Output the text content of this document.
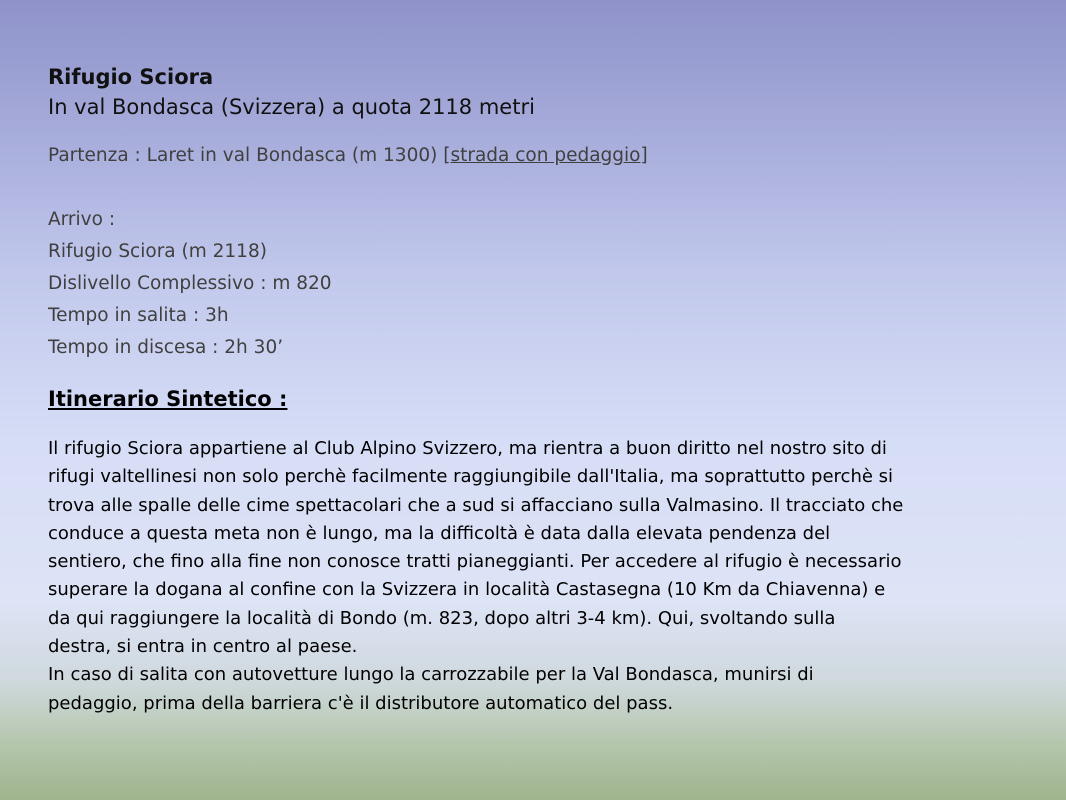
Rifugio Sciora
In val Bondasca (Svizzera) a quota 2118 metri
Partenza : Laret in val Bondasca (m 1300) [strada con pedaggio]
Arrivo :
Rifugio Sciora (m 2118)
Dislivello Complessivo : m 820
Tempo in salita : 3h
Tempo in discesa : 2h 30’
Itinerario Sintetico :
Il rifugio Sciora appartiene al Club Alpino Svizzero, ma rientra a buon diritto nel nostro sito di
rifugi valtellinesi non solo perchè facilmente raggiungibile dall'Italia, ma soprattutto perchè si
trova alle spalle delle cime spettacolari che a sud si affacciano sulla Valmasino. Il tracciato che
conduce a questa meta non è lungo, ma la difficoltà è data dalla elevata pendenza del
sentiero, che fino alla fine non conosce tratti pianeggianti. Per accedere al rifugio è necessario
superare la dogana al confine con la Svizzera in località Castasegna (10 Km da Chiavenna) e
da qui raggiungere la località di Bondo (m. 823, dopo altri 3-4 km). Qui, svoltando sulla
destra, si entra in centro al paese.
In caso di salita con autovetture lungo la carrozzabile per la Val Bondasca, munirsi di
pedaggio, prima della barriera c'è il distributore automatico del pass.
